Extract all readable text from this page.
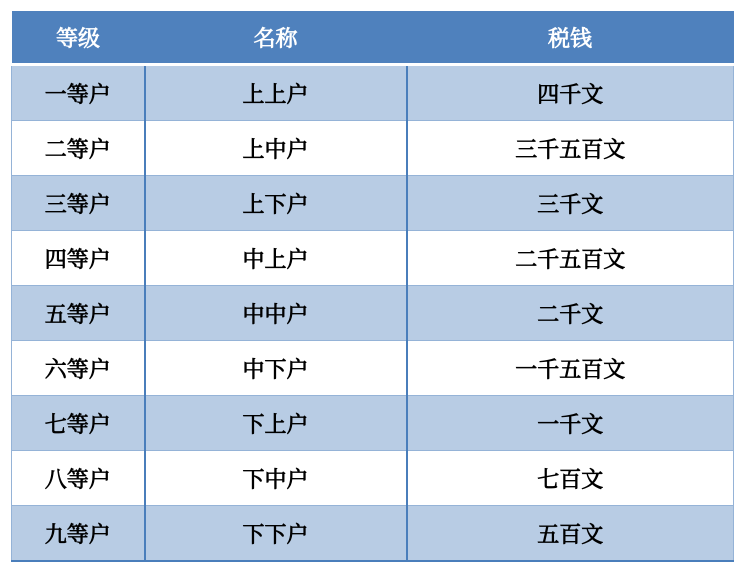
等级	名称	税钱
一等户	上上户	四千文
二等户	上中户	三千五百文
三等户	上下户	三千文
四等户	中上户	二千五百文
五等户	中中户	二千文
六等户	中下户	一千五百文
七等户	下上户	一千文
八等户	下中户	七百文
九等户	下下户	五百文
